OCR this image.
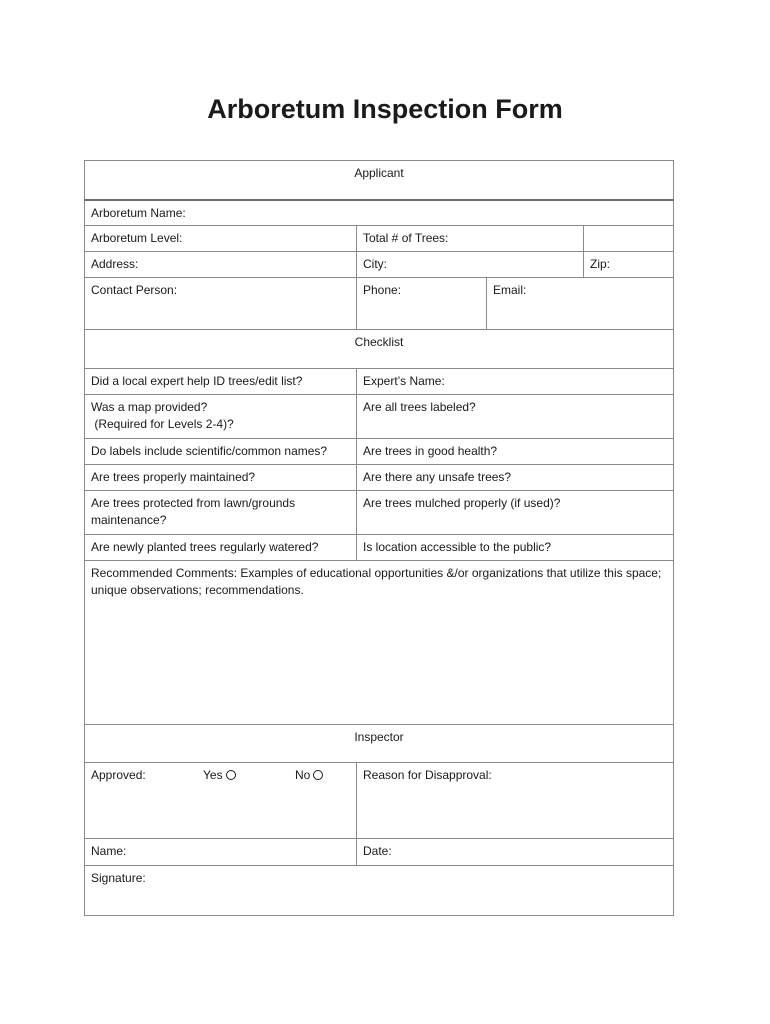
Arboretum Inspection Form
Applicant			
Arboretum Name:			
Arboretum Level:	Total # of Trees:		
Address:	City:		Zip:
Contact Person:	Phone:	Email:	
Checklist			
Did a local expert help ID trees/edit list?	Expert’s Name:		

Was a map provided?
(Required for Levels 2-4)?	Are all trees labeled?		
Do labels include scientific/common names?	Are trees in good health?		
Are trees properly maintained?	Are there any unsafe trees?		

Are trees protected from lawn/grounds
maintenance?	Are trees mulched properly (if used)?		
Are newly planted trees regularly watered?	Is location accessible to the public?		
Recommended Comments: Examples of educational opportunities &/or organizations that utilize this space; unique observations; recommendations.			
Inspector			
Approved: Yes No	Reason for Disapproval:		
Name:	Date:		
Signature:			
